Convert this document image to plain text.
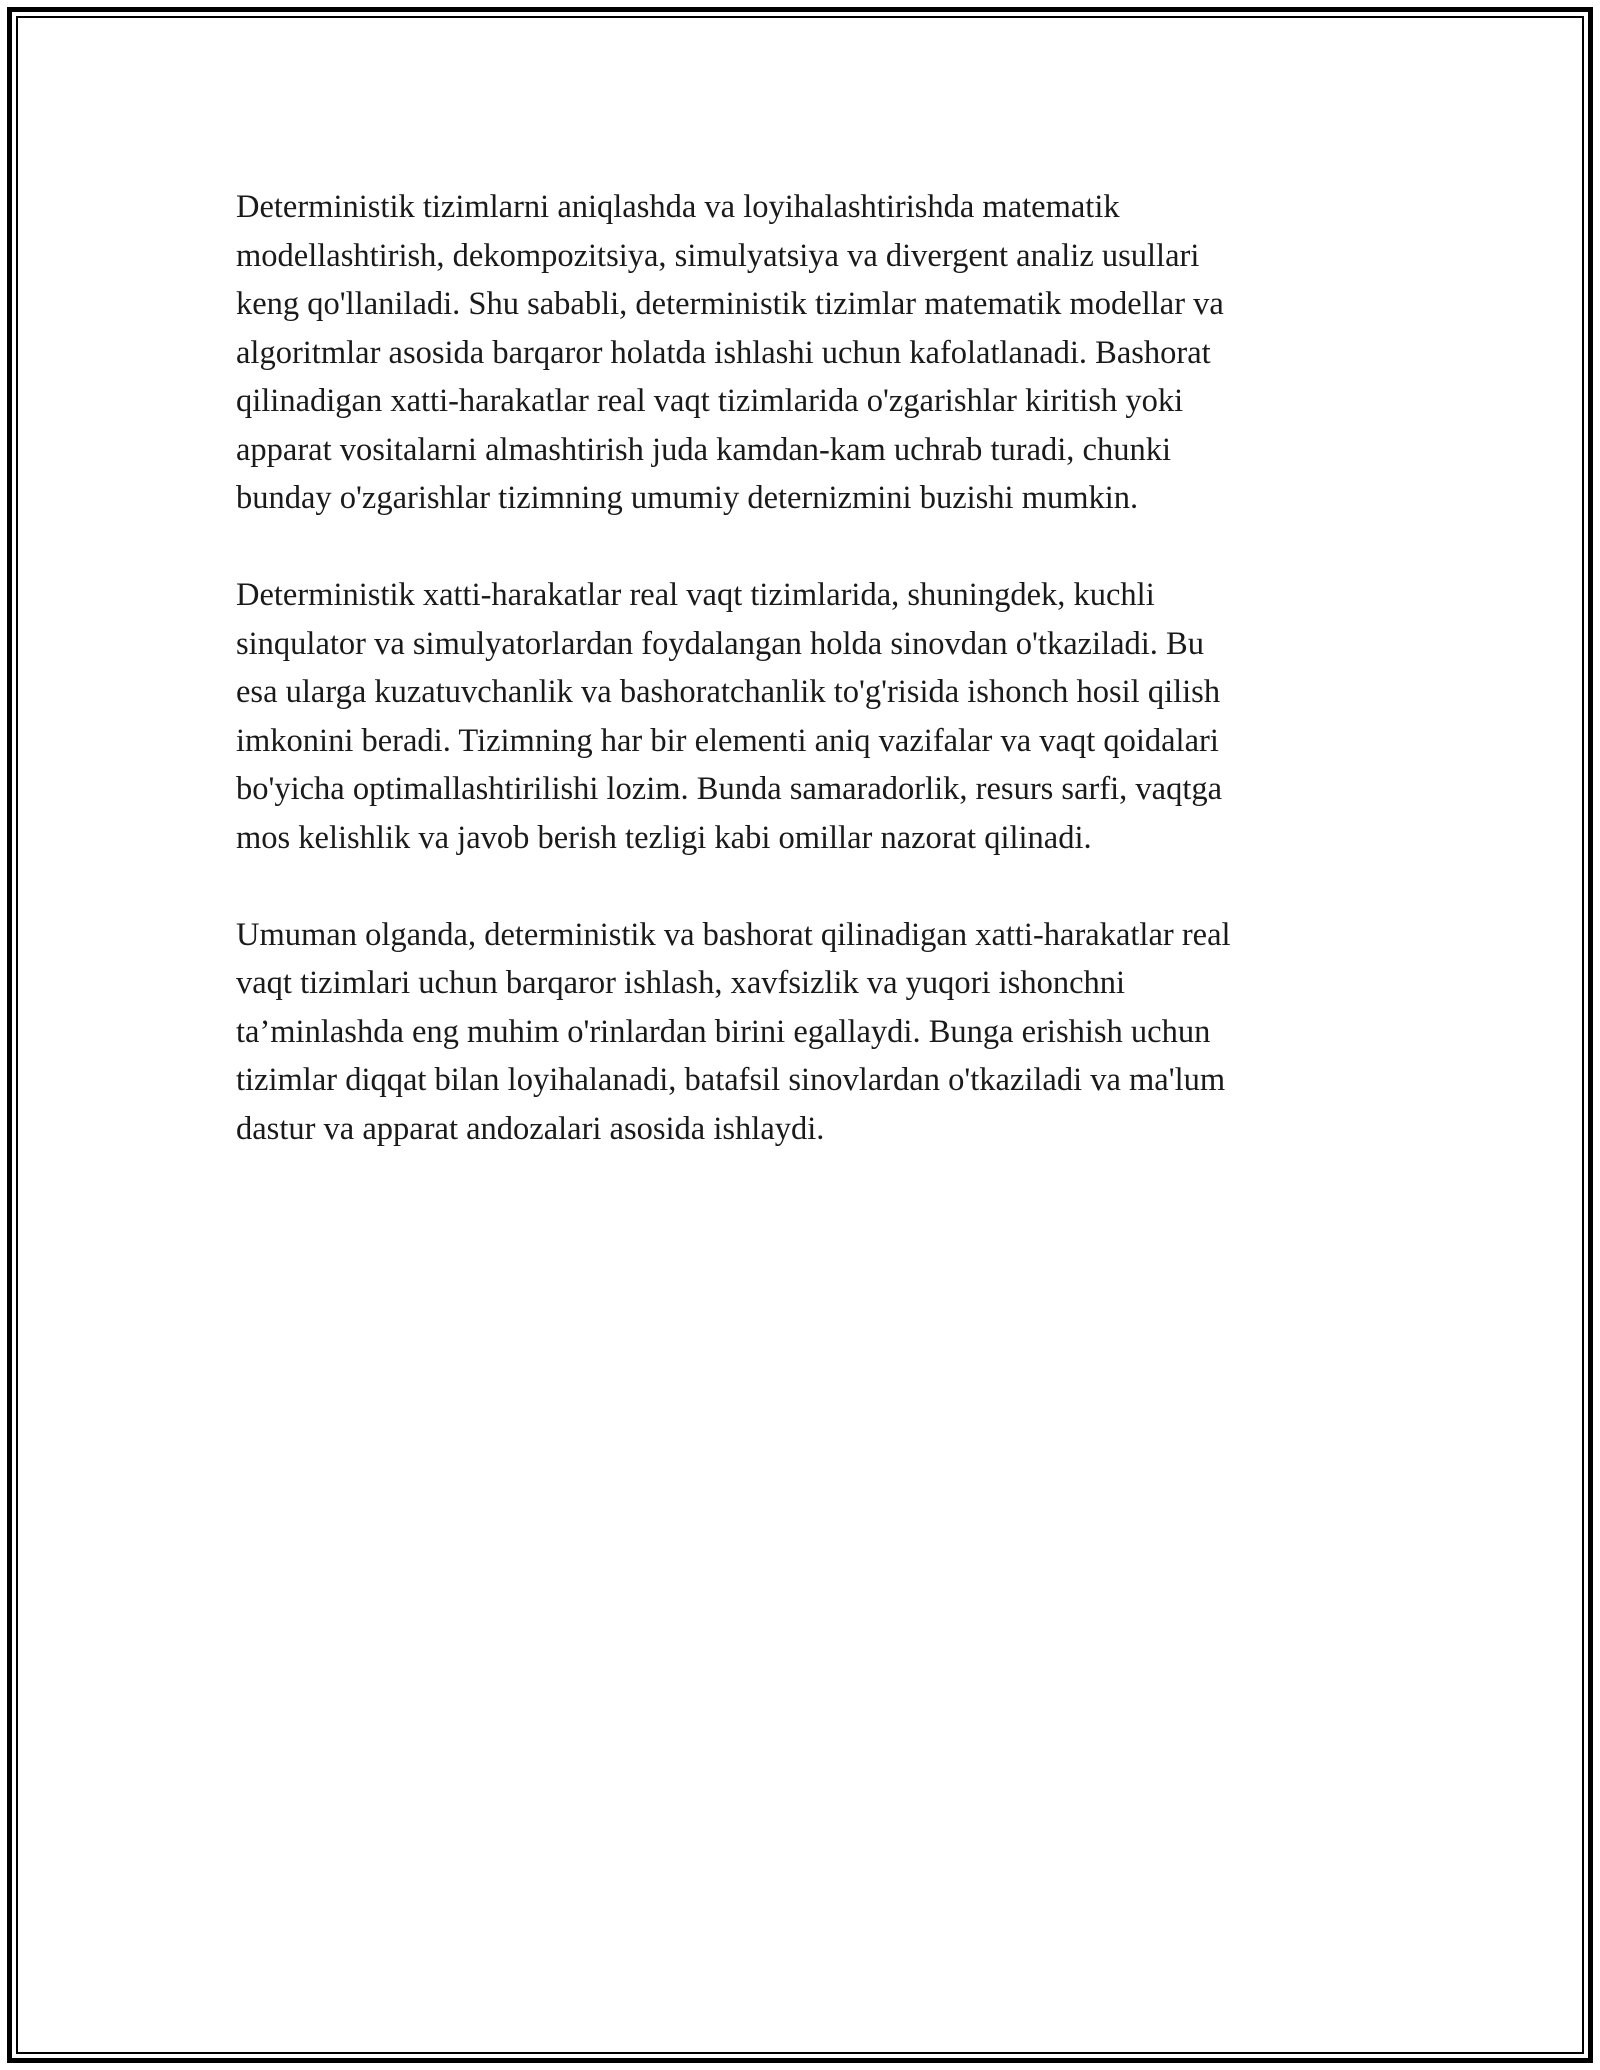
Deterministik tizimlarni aniqlashda va loyihalashtirishda matematik
modellashtirish, dekompozitsiya, simulyatsiya va divergent analiz usullari
keng qo'llaniladi. Shu sababli, deterministik tizimlar matematik modellar va
algoritmlar asosida barqaror holatda ishlashi uchun kafolatlanadi. Bashorat
qilinadigan xatti-harakatlar real vaqt tizimlarida o'zgarishlar kiritish yoki
apparat vositalarni almashtirish juda kamdan-kam uchrab turadi, chunki
bunday o'zgarishlar tizimning umumiy deternizmini buzishi mumkin.

Deterministik xatti-harakatlar real vaqt tizimlarida, shuningdek, kuchli
sinqulator va simulyatorlardan foydalangan holda sinovdan o'tkaziladi. Bu
esa ularga kuzatuvchanlik va bashoratchanlik to'g'risida ishonch hosil qilish
imkonini beradi. Tizimning har bir elementi aniq vazifalar va vaqt qoidalari
bo'yicha optimallashtirilishi lozim. Bunda samaradorlik, resurs sarfi, vaqtga
mos kelishlik va javob berish tezligi kabi omillar nazorat qilinadi.

Umuman olganda, deterministik va bashorat qilinadigan xatti-harakatlar real
vaqt tizimlari uchun barqaror ishlash, xavfsizlik va yuqori ishonchni
ta’minlashda eng muhim o'rinlardan birini egallaydi. Bunga erishish uchun
tizimlar diqqat bilan loyihalanadi, batafsil sinovlardan o'tkaziladi va ma'lum
dastur va apparat andozalari asosida ishlaydi.
